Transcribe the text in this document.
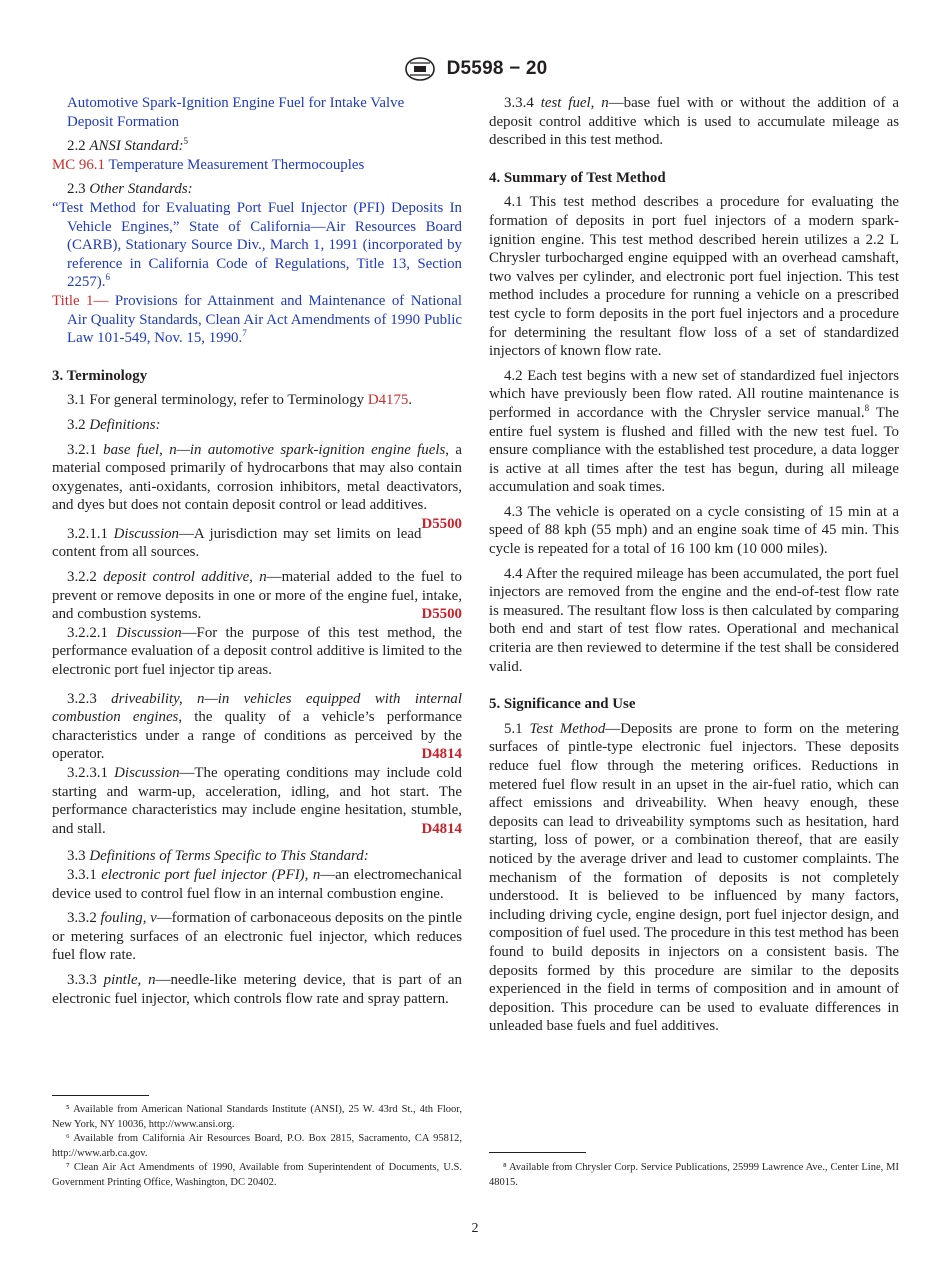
D5598 − 20

Automotive Spark-Ignition Engine Fuel for Intake Valve
Deposit Formation

2.2 ANSI Standard:$^5$

MC 96.1 Temperature Measurement Thermocouples

2.3 Other Standards:

“Test Method for Evaluating Port Fuel Injector (PFI) Deposits In Vehicle Engines,” State of California—Air Resources Board (CARB), Stationary Source Div., March 1, 1991 (incorporated by reference in California Code of Regulations, Title 13, Section 2257).$^6$

Title 1— Provisions for Attainment and Maintenance of National Air Quality Standards, Clean Air Act Amendments of 1990 Public Law 101-549, Nov. 15, 1990.$^7$

3. Terminology

3.1 For general terminology, refer to Terminology D4175.

3.2 Definitions:

3.2.1 base fuel, n—in automotive spark-ignition engine fuels, a material composed primarily of hydrocarbons that may also contain oxygenates, anti-oxidants, corrosion inhibitors, metal deactivators, and dyes but does not contain deposit control or lead additives.
D5500

3.2.1.1 Discussion—A jurisdiction may set limits on lead content from all sources.

3.2.2 deposit control additive, n—material added to the fuel to prevent or remove deposits in one or more of the engine fuel, intake, and combustion systems.	D5500

3.2.2.1 Discussion—For the purpose of this test method, the performance evaluation of a deposit control additive is limited to the electronic port fuel injector tip areas.

3.2.3 driveability, n—in vehicles equipped with internal combustion engines, the quality of a vehicle’s performance characteristics under a range of conditions as perceived by the operator.	D4814

3.2.3.1 Discussion—The operating conditions may include cold starting and warm-up, acceleration, idling, and hot start. The performance characteristics may include engine hesitation, stumble, and stall.	D4814

3.3 Definitions of Terms Specific to This Standard:

3.3.1 electronic port fuel injector (PFI), n—an electromechanical device used to control fuel flow in an internal combustion engine.

3.3.2 fouling, v—formation of carbonaceous deposits on the pintle or metering surfaces of an electronic fuel injector, which reduces fuel flow rate.

3.3.3 pintle, n—needle-like metering device, that is part of an electronic fuel injector, which controls flow rate and spray pattern.

3.3.4 test fuel, n—base fuel with or without the addition of a deposit control additive which is used to accumulate mileage as described in this test method.

4. Summary of Test Method

4.1 This test method describes a procedure for evaluating the formation of deposits in port fuel injectors of a modern spark-ignition engine. This test method described herein utilizes a 2.2 L Chrysler turbocharged engine equipped with an overhead camshaft, two valves per cylinder, and electronic port fuel injection. This test method includes a procedure for running a vehicle on a prescribed test cycle to form deposits in the port fuel injectors and a procedure for determining the resultant flow loss of a set of standardized injectors of known flow rate.

4.2 Each test begins with a new set of standardized fuel injectors which have previously been flow rated. All routine maintenance is performed in accordance with the Chrysler service manual.$^8$ The entire fuel system is flushed and filled with the new test fuel. To ensure compliance with the established test procedure, a data logger is active at all times after the test has begun, during all mileage accumulation and soak times.

4.3 The vehicle is operated on a cycle consisting of 15 min at a speed of 88 kph (55 mph) and an engine soak time of 45 min. This cycle is repeated for a total of 16 100 km (10 000 miles).

4.4 After the required mileage has been accumulated, the port fuel injectors are removed from the engine and the end-of-test flow rate is measured. The resultant flow loss is then calculated by comparing both end and start of test flow rates. Operational and mechanical criteria are then reviewed to determine if the test shall be considered valid.

5. Significance and Use

5.1 Test Method—Deposits are prone to form on the metering surfaces of pintle-type electronic fuel injectors. These deposits reduce fuel flow through the metering orifices. Reductions in metered fuel flow result in an upset in the air-fuel ratio, which can affect emissions and driveability. When heavy enough, these deposits can lead to driveability symptoms such as hesitation, hard starting, loss of power, or a combination thereof, that are easily noticed by the average driver and lead to customer complaints. The mechanism of the formation of deposits is not completely understood. It is believed to be influenced by many factors, including driving cycle, engine design, port fuel injector design, and composition of fuel used. The procedure in this test method has been found to build deposits in injectors on a consistent basis. The deposits formed by this procedure are similar to the deposits experienced in the field in terms of composition and in amount of deposition. This procedure can be used to evaluate differences in unleaded base fuels and fuel additives.

⁵ Available from American National Standards Institute (ANSI), 25 W. 43rd St., 4th Floor, New York, NY 10036, http://www.ansi.org.

⁶ Available from California Air Resources Board, P.O. Box 2815, Sacramento, CA 95812, http://www.arb.ca.gov.

⁷ Clean Air Act Amendments of 1990, Available from Superintendent of Documents, U.S. Government Printing Office, Washington, DC 20402.

⁸ Available from Chrysler Corp. Service Publications, 25999 Lawrence Ave., Center Line, MI 48015.

2
